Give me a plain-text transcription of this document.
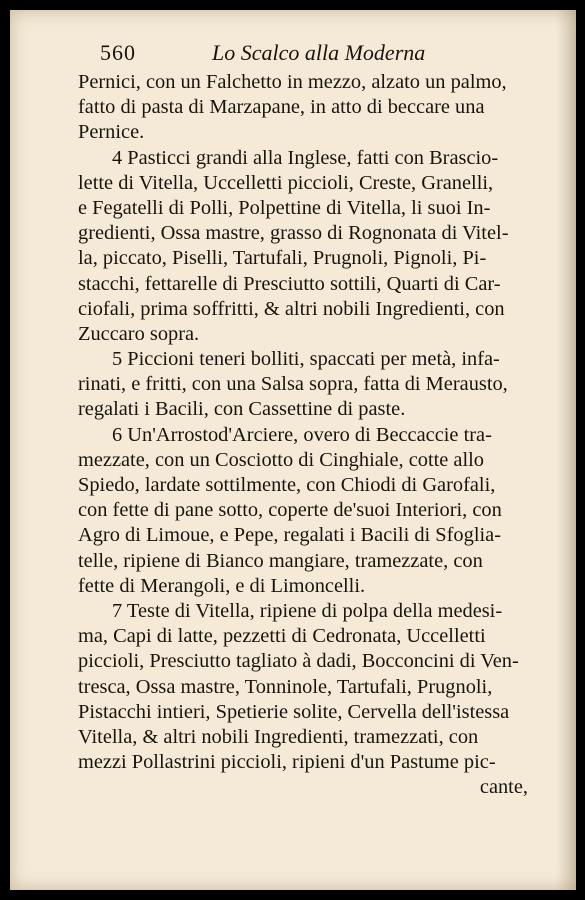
560	Lo Scalco alla Moderna
Pernici, con un Falchetto in mezzo, alzato un palmo,
fatto di pasta di Marzapane, in atto di beccare una
Pernice.
4 Pasticci grandi alla Inglese, fatti con Brascio-
lette di Vitella, Uccelletti piccioli, Creste, Granelli,
e Fegatelli di Polli, Polpettine di Vitella, li suoi In-
gredienti, Ossa mastre, grasso di Rognonata di Vitel-
la, piccato, Piselli, Tartufali, Prugnoli, Pignoli, Pi-
stacchi, fettarelle di Presciutto sottili, Quarti di Car-
ciofali, prima soffritti, & altri nobili Ingredienti, con
Zuccaro sopra.
5 Piccioni teneri bolliti, spaccati per metà, infa-
rinati, e fritti, con una Salsa sopra, fatta di Meraustо,
regalati i Bacili, con Cassettine di paste.
6 Un'Arrostod'Arciere, overo di Beccaccie tra-
mezzate, con un Cosciotto di Cinghiale, cotte allo
Spiedo, lardate sottilmente, con Chiodi di Garofali,
con fette di pane sotto, coperte de'suoi Interiori, con
Agro di Limoue, e Pepe, regalati i Bacili di Sfoglia-
telle, ripiene di Bianco mangiare, tramezzate, con
fette di Merangoli, e di Limoncelli.
7 Teste di Vitella, ripiene di polpa della medesi-
ma, Capi di latte, pezzetti di Cedronata, Uccelletti
piccioli, Presciutto tagliato à dadi, Bocconcini di Ven-
tresca, Ossa mastre, Tonninole, Tartufali, Prugnoli,
Pistacchi intieri, Spetierie solite, Cervella dell'istessa
Vitella, & altri nobili Ingredienti, tramezzati, con
mezzi Pollastrini piccioli, ripieni d'un Pastume pic-
cante,
